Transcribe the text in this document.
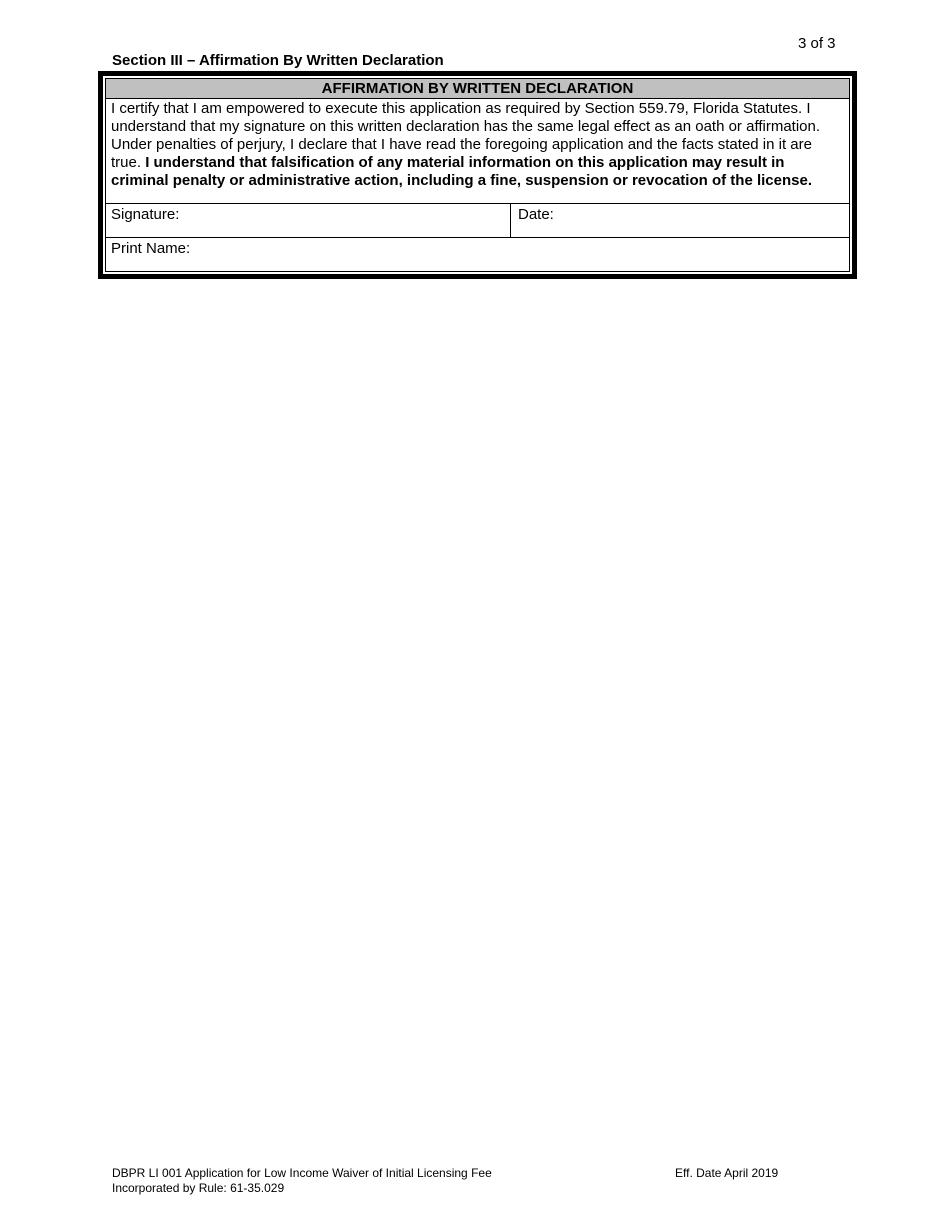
3 of 3
Section III – Affirmation By Written Declaration
AFFIRMATION BY WRITTEN DECLARATION
I certify that I am empowered to execute this application as required by Section 559.79, Florida Statutes. I understand that my signature on this written declaration has the same legal effect as an oath or affirmation. Under penalties of perjury, I declare that I have read the foregoing application and the facts stated in it are true. I understand that falsification of any material information on this application may result in criminal penalty or administrative action, including a fine, suspension or revocation of the license.
Signature:	Date:
Print Name:
DBPR LI 001 Application for Low Income Waiver of Initial Licensing Fee
Incorporated by Rule: 61-35.029
Eff. Date April 2019
